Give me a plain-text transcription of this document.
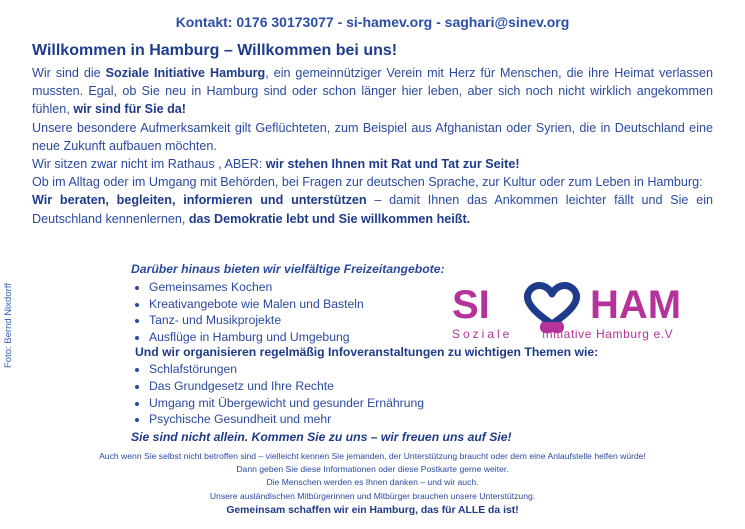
Kontakt: 0176 30173077 - si-hamev.org - saghari@sinev.org
Willkommen in Hamburg – Willkommen bei uns!

Wir sind die Soziale Initiative Hamburg, ein gemeinnütziger Verein mit Herz für Menschen, die ihre Heimat verlassen mussten. Egal, ob Sie neu in Hamburg sind oder schon länger hier leben, aber sich noch nicht wirklich angekommen fühlen, wir sind für Sie da!

Unsere besondere Aufmerksamkeit gilt Geflüchteten, zum Beispiel aus Afghanistan oder Syrien, die in Deutschland eine neue Zukunft aufbauen möchten.

Wir sitzen zwar nicht im Rathaus , ABER: wir stehen Ihnen mit Rat und Tat zur Seite!

Ob im Alltag oder im Umgang mit Behörden, bei Fragen zur deutschen Sprache, zur Kultur oder zum Leben in Hamburg:

Wir beraten, begleiten, informieren und unterstützen – damit Ihnen das Ankommen leichter fällt und Sie ein Deutschland kennenlernen, das Demokratie lebt und Sie willkommen heißt.

Foto: Bernd Nixdorff
Darüber hinaus bieten wir vielfältige Freizeitangebote:
• Gemeinsames Kochen
• Kreativangebote wie Malen und Basteln
• Tanz- und Musikprojekte
• Ausflüge in Hamburg und Umgebung
Und wir organisieren regelmäßig Infoveranstaltungen zu wichtigen Themen wie:
• Schlafstörungen
• Das Grundgesetz und Ihre Rechte
• Umgang mit Übergewicht und gesunder Ernährung
• Psychische Gesundheit und mehr
Sie sind nicht allein. Kommen Sie zu uns – wir freuen uns auf Sie!
SI	HAM
Soziale Initiative Hamburg e.V
Auch wenn Sie selbst nicht betroffen sind – vielleicht kennen Sie jemanden, der Unterstützung braucht oder dem eine Anlaufstelle helfen würde!
Dann geben Sie diese Informationen oder diese Postkarte gerne weiter.
Die Menschen werden es Ihnen danken – und wir auch.
Unsere ausländischen Mitbürgerinnen und Mitbürger brauchen unsere Unterstützung.
Gemeinsam schaffen wir ein Hamburg, das für ALLE da ist!
